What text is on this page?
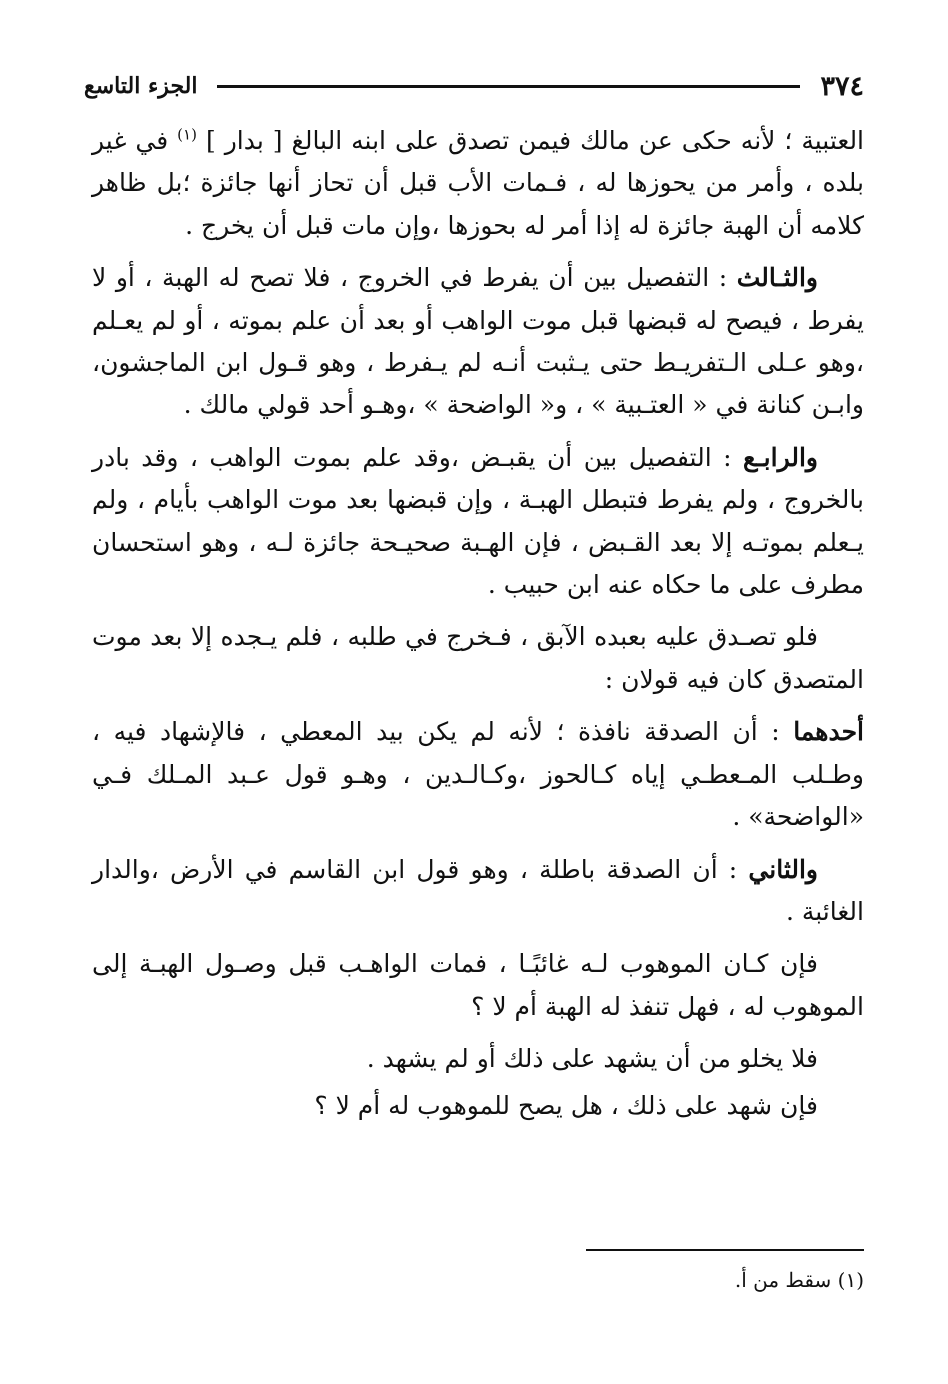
٣٧٤
الجزء التاسع

العتبية ؛ لأنه حكى عن مالك فيمن تصدق على ابنه البالغ [ بدار ] $^{(١)}$ في غير بلده ، وأمر من يحوزها له ، فـمات الأب قبل أن تحاز أنها جائزة ؛بل ظاهر كلامه أن الهبة جائزة له إذا أمر له بحوزها ،وإن مات قبل أن يخرج .

والثـالث : التفصيل بين أن يفرط في الخروج ، فلا تصح له الهبة ، أو لا يفرط ، فيصح له قبضها قبل موت الواهب أو بعد أن علم بموته ، أو لم يعـلم ،وهو عـلى الـتفريـط حتى يـثبت أنـه لم يـفرط ، وهو قـول ابن الماجشون، وابـن كنانة في « العتـبية » ، و« الواضحة » ،وهـو أحد قولي مالك .

والرابـع : التفصيل بين أن يقبـض ،وقد علم بموت الواهب ، وقد بادر بالخروج ، ولم يفرط فتبطل الهبـة ، وإن قبضها بعد موت الواهب بأيام ، ولم يـعلم بموتـه إلا بعد القـبض ، فإن الهـبة صحيـحة جائزة لـه ، وهو استحسان مطرف على ما حكاه عنه ابن حبيب .

فلو تصـدق عليه بعبده الآبق ، فـخرج في طلبه ، فلم يـجده إلا بعد موت المتصدق كان فيه قولان :

أحدهما : أن الصدقة نافذة ؛ لأنه لم يكن بيد المعطي ، فالإشهاد فيه ، وطـلب المـعطـي إياه كـالحوز ،وكـالـدين ، وهـو قول عـبد المـلك فـي «الواضحة» .

والثاني : أن الصدقة باطلة ، وهو قول ابن القاسم في الأرض ،والدار الغائبة .

فإن كـان الموهوب لـه غائبًـا ، فمات الواهـب قبل وصـول الهبـة إلى الموهوب له ، فهل تنفذ له الهبة أم لا ؟

فلا يخلو من أن يشهد على ذلك أو لم يشهد .

فإن شهد على ذلك ، هل يصح للموهوب له أم لا ؟

(١) سقط من أ.
